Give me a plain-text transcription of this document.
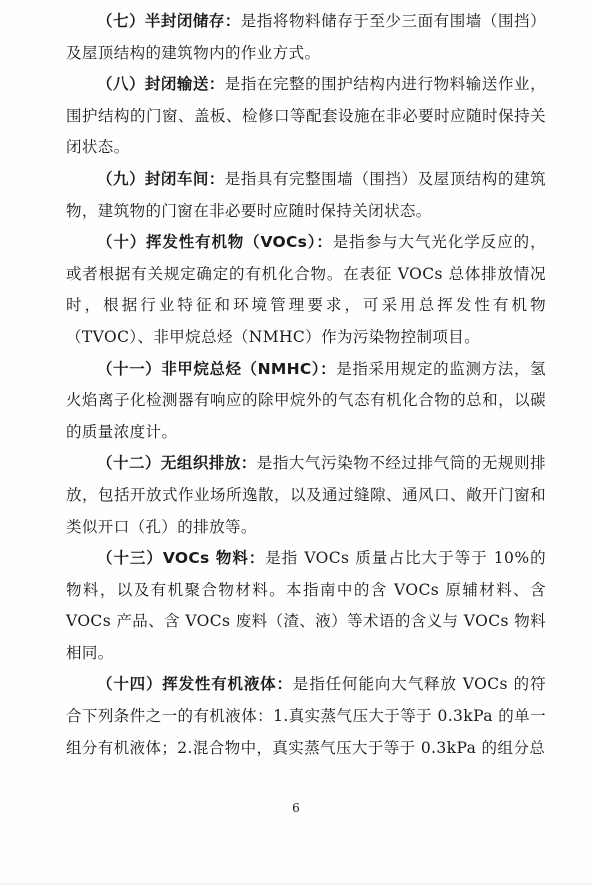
（七）半封闭储存：是指将物料储存于至少三面有围墙（围挡）及屋顶结构的建筑物内的作业方式。

（八）封闭输送：是指在完整的围护结构内进行物料输送作业，围护结构的门窗、盖板、检修口等配套设施在非必要时应随时保持关闭状态。

（九）封闭车间：是指具有完整围墙（围挡）及屋顶结构的建筑物，建筑物的门窗在非必要时应随时保持关闭状态。

（十）挥发性有机物（VOCs）：是指参与大气光化学反应的，或者根据有关规定确定的有机化合物。在表征 VOCs 总体排放情况时，根据行业特征和环境管理要求，可采用总挥发性有机物（TVOC）、非甲烷总烃（NMHC）作为污染物控制项目。

（十一）非甲烷总烃（NMHC）：是指采用规定的监测方法，氢火焰离子化检测器有响应的除甲烷外的气态有机化合物的总和，以碳的质量浓度计。

（十二）无组织排放：是指大气污染物不经过排气筒的无规则排放，包括开放式作业场所逸散，以及通过缝隙、通风口、敞开门窗和类似开口（孔）的排放等。

（十三）VOCs 物料：是指 VOCs 质量占比大于等于 10%的物料，以及有机聚合物材料。本指南中的含 VOCs 原辅材料、含 VOCs 产品、含 VOCs 废料（渣、液）等术语的含义与 VOCs 物料相同。

（十四）挥发性有机液体：是指任何能向大气释放 VOCs 的符合下列条件之一的有机液体：1.真实蒸气压大于等于 0.3kPa 的单一组分有机液体；2.混合物中，真实蒸气压大于等于 0.3kPa 的组分总

6
